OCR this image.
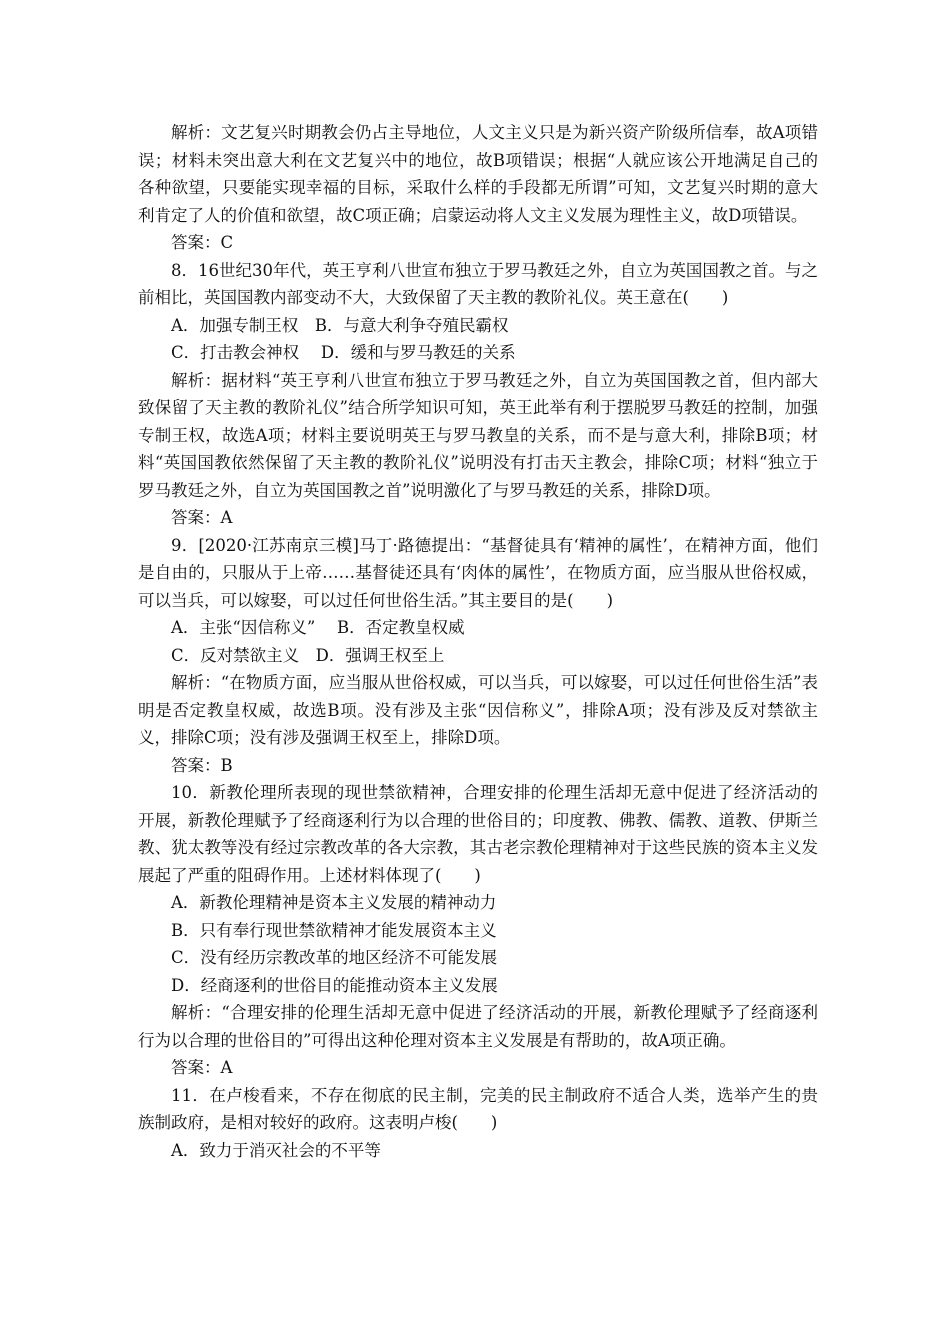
解析：文艺复兴时期教会仍占主导地位，人文主义只是为新兴资产阶级所信奉，故A项错误；材料未突出意大利在文艺复兴中的地位，故B项错误；根据“人就应该公开地满足自己的各种欲望，只要能实现幸福的目标，采取什么样的手段都无所谓”可知，文艺复兴时期的意大利肯定了人的价值和欲望，故C项正确；启蒙运动将人文主义发展为理性主义，故D项错误。

答案：C

8．16世纪30年代，英王亨利八世宣布独立于罗马教廷之外，自立为英国国教之首。与之前相比，英国国教内部变动不大，大致保留了天主教的教阶礼仪。英王意在(　　)

A．加强专制王权　B．与意大利争夺殖民霸权

C．打击教会神权　 D．缓和与罗马教廷的关系

解析：据材料“英王亨利八世宣布独立于罗马教廷之外，自立为英国国教之首，但内部大致保留了天主教的教阶礼仪”结合所学知识可知，英王此举有利于摆脱罗马教廷的控制，加强专制王权，故选A项；材料主要说明英王与罗马教皇的关系，而不是与意大利，排除B项；材料“英国国教依然保留了天主教的教阶礼仪”说明没有打击天主教会，排除C项；材料“独立于罗马教廷之外，自立为英国国教之首”说明激化了与罗马教廷的关系，排除D项。

答案：A

9．[2020·江苏南京三模]马丁·路德提出：“基督徒具有‘精神的属性’，在精神方面，他们是自由的，只服从于上帝……基督徒还具有‘肉体的属性’，在物质方面，应当服从世俗权威，可以当兵，可以嫁娶，可以过任何世俗生活。”其主要目的是(　　)

A．主张“因信称义”　 B．否定教皇权威

C．反对禁欲主义　D．强调王权至上

解析：“在物质方面，应当服从世俗权威，可以当兵，可以嫁娶，可以过任何世俗生活”表明是否定教皇权威，故选B项。没有涉及主张“因信称义”，排除A项；没有涉及反对禁欲主义，排除C项；没有涉及强调王权至上，排除D项。

答案：B

10．新教伦理所表现的现世禁欲精神，合理安排的伦理生活却无意中促进了经济活动的开展，新教伦理赋予了经商逐利行为以合理的世俗目的；印度教、佛教、儒教、道教、伊斯兰教、犹太教等没有经过宗教改革的各大宗教，其古老宗教伦理精神对于这些民族的资本主义发展起了严重的阻碍作用。上述材料体现了(　　)

A．新教伦理精神是资本主义发展的精神动力

B．只有奉行现世禁欲精神才能发展资本主义

C．没有经历宗教改革的地区经济不可能发展

D．经商逐利的世俗目的能推动资本主义发展

解析：“合理安排的伦理生活却无意中促进了经济活动的开展，新教伦理赋予了经商逐利行为以合理的世俗目的”可得出这种伦理对资本主义发展是有帮助的，故A项正确。

答案：A

11．在卢梭看来，不存在彻底的民主制，完美的民主制政府不适合人类，选举产生的贵族制政府，是相对较好的政府。这表明卢梭(　　)

A．致力于消灭社会的不平等
